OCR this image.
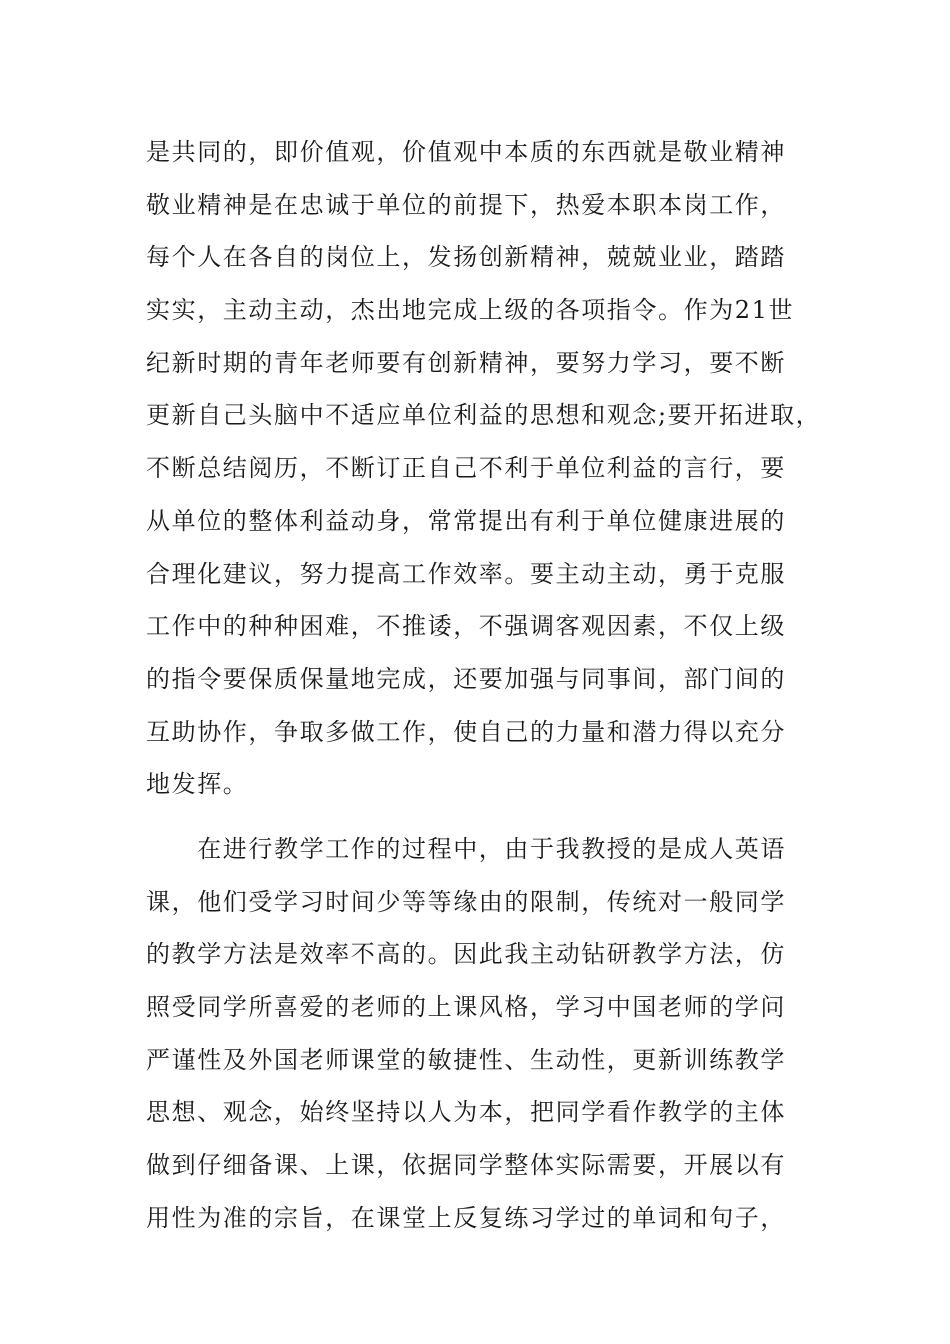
是共同的，即价值观，价值观中本质的东西就是敬业精神
敬业精神是在忠诚于单位的前提下，热爱本职本岗工作，
每个人在各自的岗位上，发扬创新精神，兢兢业业，踏踏
实实，主动主动，杰出地完成上级的各项指令。作为21世
纪新时期的青年老师要有创新精神，要努力学习，要不断
更新自己头脑中不适应单位利益的思想和观念;要开拓进取，
不断总结阅历，不断订正自己不利于单位利益的言行，要
从单位的整体利益动身，常常提出有利于单位健康进展的
合理化建议，努力提高工作效率。要主动主动，勇于克服
工作中的种种困难，不推诿，不强调客观因素，不仅上级
的指令要保质保量地完成，还要加强与同事间，部门间的
互助协作，争取多做工作，使自己的力量和潜力得以充分
地发挥。
　　在进行教学工作的过程中，由于我教授的是成人英语
课，他们受学习时间少等等缘由的限制，传统对一般同学
的教学方法是效率不高的。因此我主动钻研教学方法，仿
照受同学所喜爱的老师的上课风格，学习中国老师的学问
严谨性及外国老师课堂的敏捷性、生动性，更新训练教学
思想、观念，始终坚持以人为本，把同学看作教学的主体
做到仔细备课、上课，依据同学整体实际需要，开展以有
用性为准的宗旨，在课堂上反复练习学过的单词和句子，
